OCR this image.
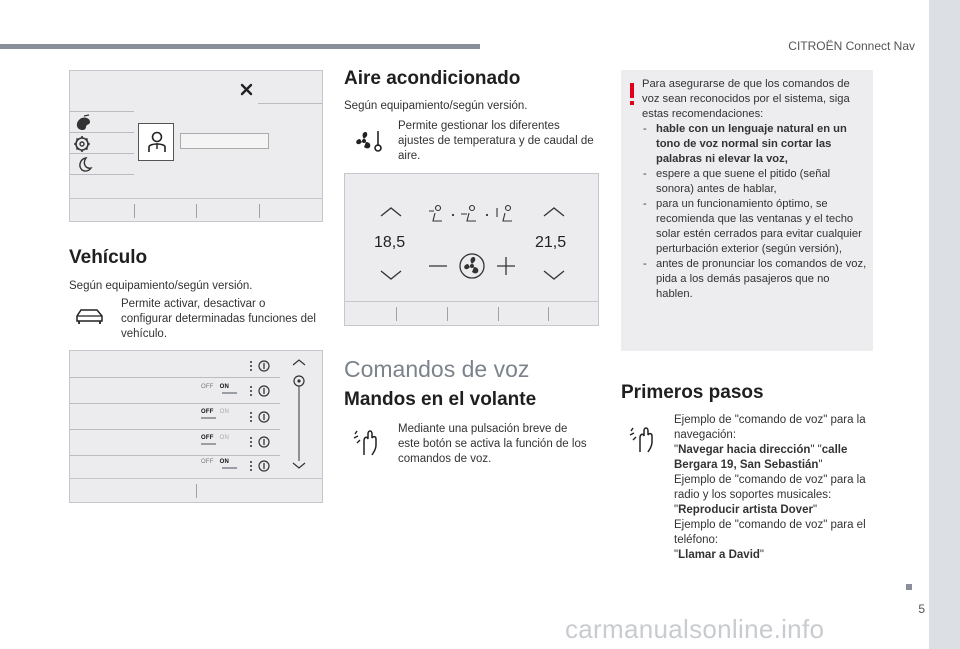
CITROËN Connect Nav
5
carmanualsonline.info
Vehículo
Según equipamiento/según versión.
Permite activar, desactivar o configurar determinadas funciones del vehículo.
OFF ON
OFF ON
OFF ON
OFF ON
Aire acondicionado
Según equipamiento/según versión.
Permite gestionar los diferentes ajustes de temperatura y de caudal de aire.
18,5	21,5
Comandos de voz
Mandos en el volante
Mediante una pulsación breve de este botón se activa la función de los comandos de voz.
Para asegurarse de que los comandos de voz sean reconocidos por el sistema, siga estas recomendaciones:
- hable con un lenguaje natural en un tono de voz normal sin cortar las palabras ni elevar la voz,
- espere a que suene el pitido (señal sonora) antes de hablar,
- para un funcionamiento óptimo, se recomienda que las ventanas y el techo solar estén cerrados para evitar cualquier perturbación exterior (según versión),
- antes de pronunciar los comandos de voz, pida a los demás pasajeros que no hablen.
Primeros pasos
Ejemplo de "comando de voz" para la navegación:
"Navegar hacia dirección" "calle Bergara 19, San Sebastián"
Ejemplo de "comando de voz" para la radio y los soportes musicales:
"Reproducir artista Dover"
Ejemplo de "comando de voz" para el teléfono:
"Llamar a David"
